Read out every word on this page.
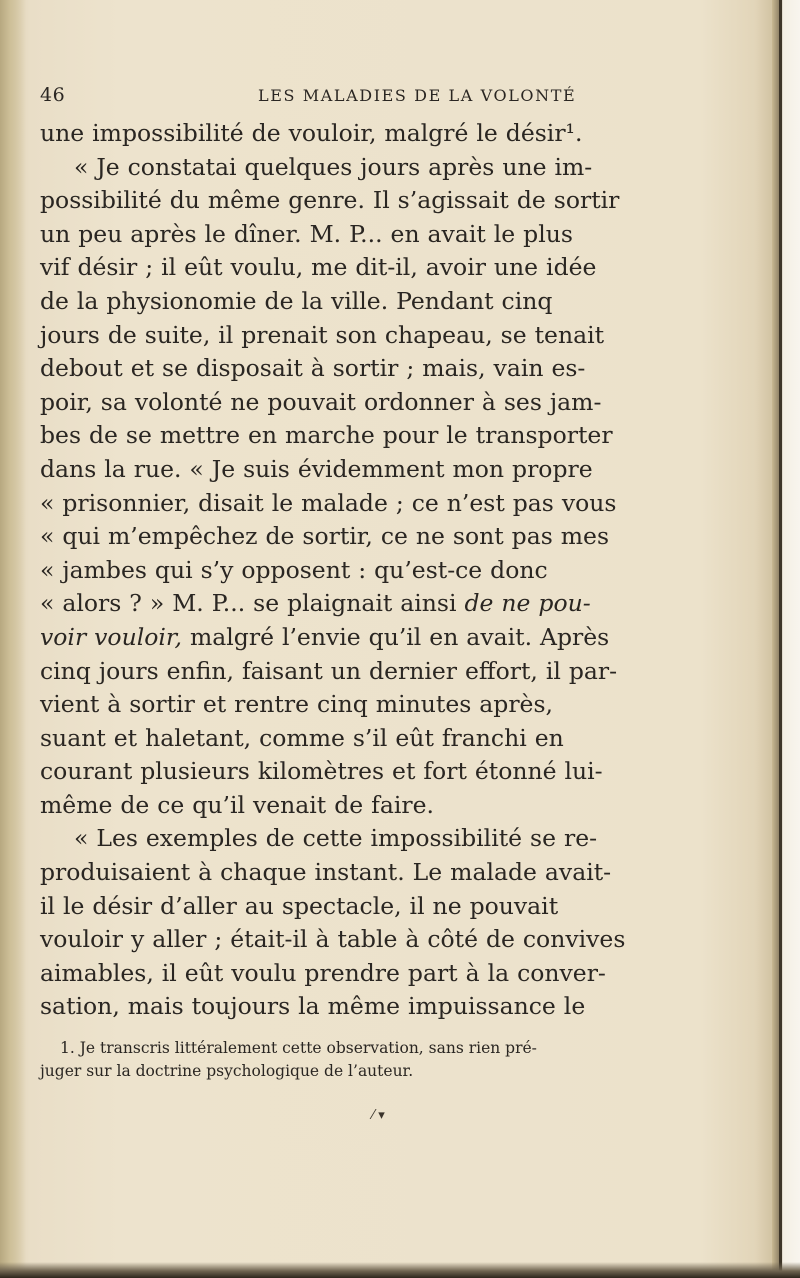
46	LES MALADIES DE LA VOLONTÉ
une impossibilité de vouloir, malgré le désir¹.
« Je constatai quelques jours après une im-
possibilité du même genre. Il s’agissait de sortir
un peu après le dîner. M. P... en avait le plus
vif désir ; il eût voulu, me dit-il, avoir une idée
de la physionomie de la ville. Pendant cinq
jours de suite, il prenait son chapeau, se tenait
debout et se disposait à sortir ; mais, vain es-
poir, sa volonté ne pouvait ordonner à ses jam-
bes de se mettre en marche pour le transporter
dans la rue. « Je suis évidemment mon propre
« prisonnier, disait le malade ; ce n’est pas vous
« qui m’empêchez de sortir, ce ne sont pas mes
« jambes qui s’y opposent : qu’est-ce donc
« alors ? » M. P... se plaignait ainsi de ne pou-
voir vouloir, malgré l’envie qu’il en avait. Après
cinq jours enfin, faisant un dernier effort, il par-
vient à sortir et rentre cinq minutes après,
suant et haletant, comme s’il eût franchi en
courant plusieurs kilomètres et fort étonné lui-
même de ce qu’il venait de faire.
« Les exemples de cette impossibilité se re-
produisaient à chaque instant. Le malade avait-
il le désir d’aller au spectacle, il ne pouvait
vouloir y aller ; était-il à table à côté de convives
aimables, il eût voulu prendre part à la conver-
sation, mais toujours la même impuissance le
1. Je transcris littéralement cette observation, sans rien pré-
juger sur la doctrine psychologique de l’auteur.
⁄ ▾
